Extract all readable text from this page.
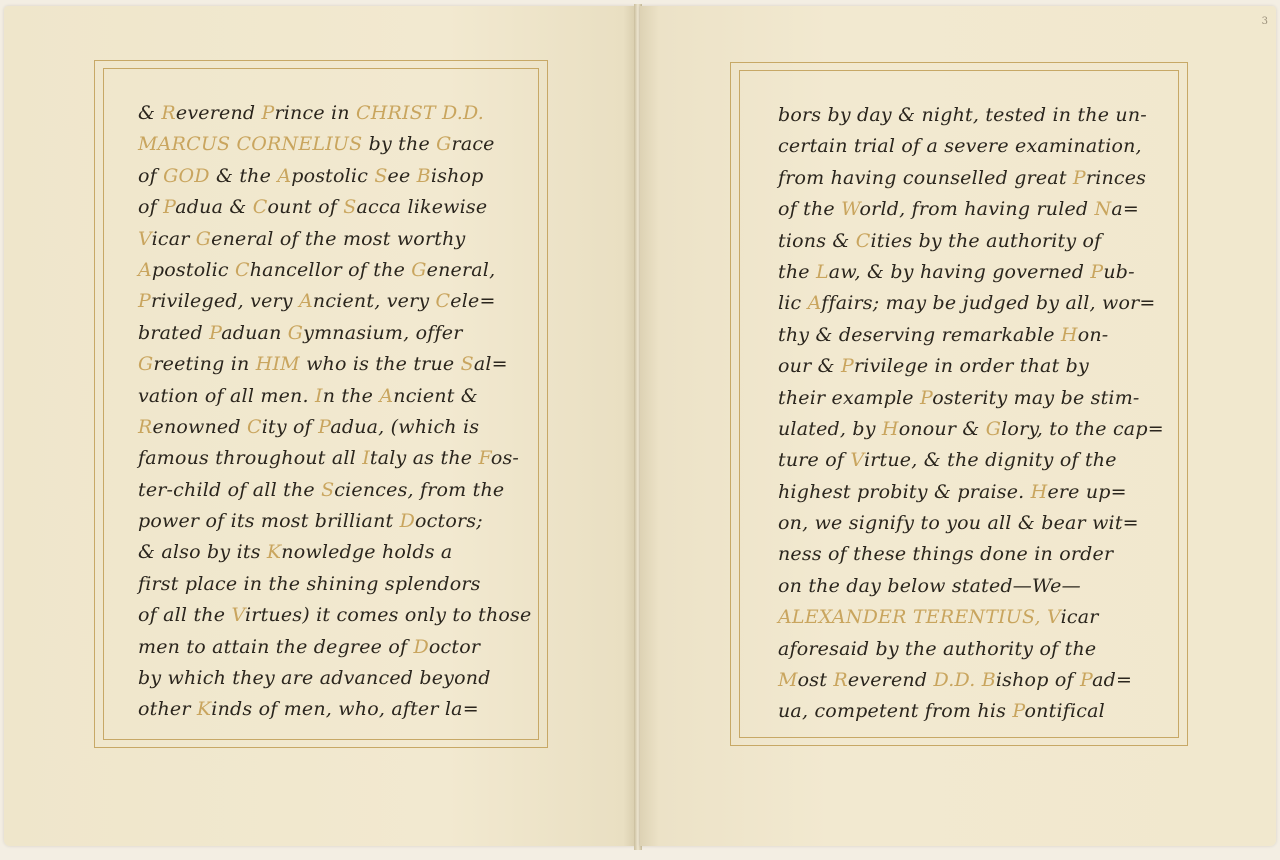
& Reverend Prince in CHRIST D.D.
MARCUS CORNELIUS by the Grace
of GOD & the Apostolic See Bishop
of Padua & Count of Sacca likewise
Vicar General of the most worthy
Apostolic Chancellor of the General,
Privileged, very Ancient, very Cele=
brated Paduan Gymnasium, offer
Greeting in HIM who is the true Sal=
vation of all men. In the Ancient &
Renowned City of Padua, (which is
famous throughout all Italy as the Fos-
ter-child of all the Sciences, from the
power of its most brilliant Doctors;
& also by its Knowledge holds a
first place in the shining splendors
of all the Virtues) it comes only to those
men to attain the degree of Doctor
by which they are advanced beyond
other Kinds of men, who, after la=
3
bors by day & night, tested in the un-
certain trial of a severe examination,
from having counselled great Princes
of the World, from having ruled Na=
tions & Cities by the authority of
the Law, & by having governed Pub-
lic Affairs; may be judged by all, wor=
thy & deserving remarkable Hon-
our & Privilege in order that by
their example Posterity may be stim-
ulated, by Honour & Glory, to the cap=
ture of Virtue, & the dignity of the
highest probity & praise. Here up=
on, we signify to you all & bear wit=
ness of these things done in order
on the day below stated—We—
ALEXANDER TERENTIUS, Vicar
aforesaid by the authority of the
Most Reverend D.D. Bishop of Pad=
ua, competent from his Pontifical
